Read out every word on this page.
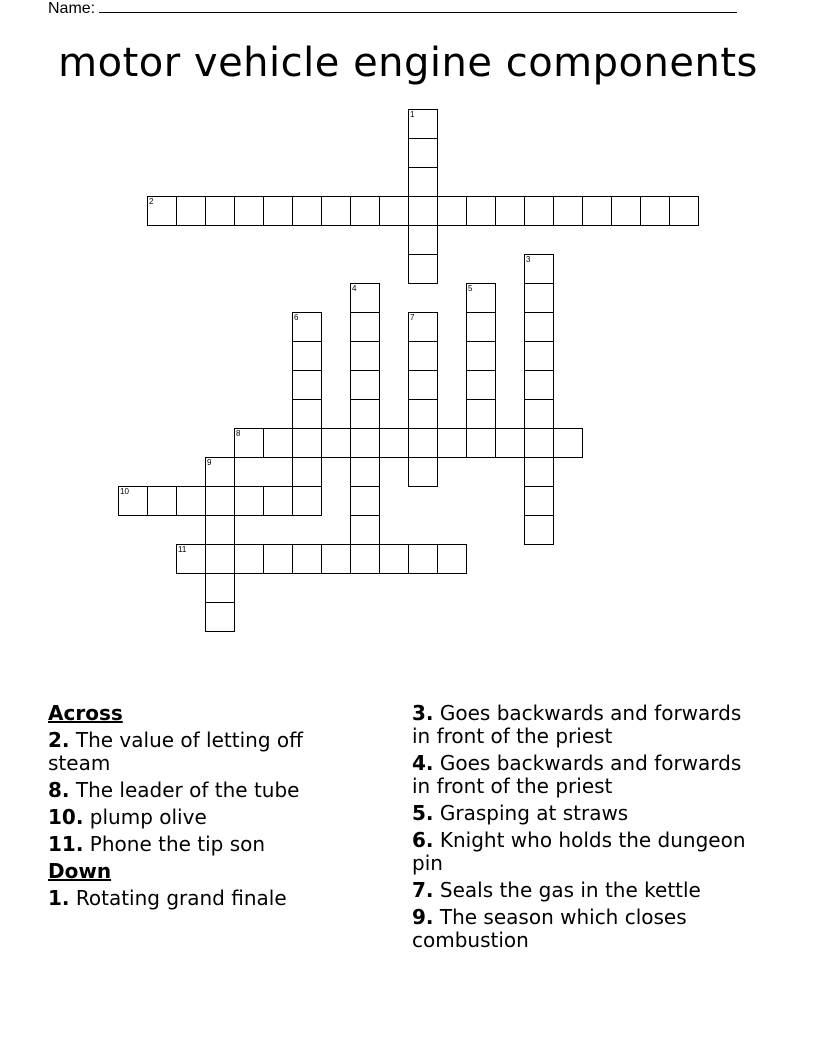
Name:
motor vehicle engine components
1
2
3
4	5
6	7
8
9
10
11
Across
2. The value of letting off steam
8. The leader of the tube
10. plump olive
11. Phone the tip son
Down
1. Rotating grand finale
3. Goes backwards and forwards in front of the priest
4. Goes backwards and forwards in front of the priest
5. Grasping at straws
6. Knight who holds the dungeon pin
7. Seals the gas in the kettle
9. The season which closes combustion
